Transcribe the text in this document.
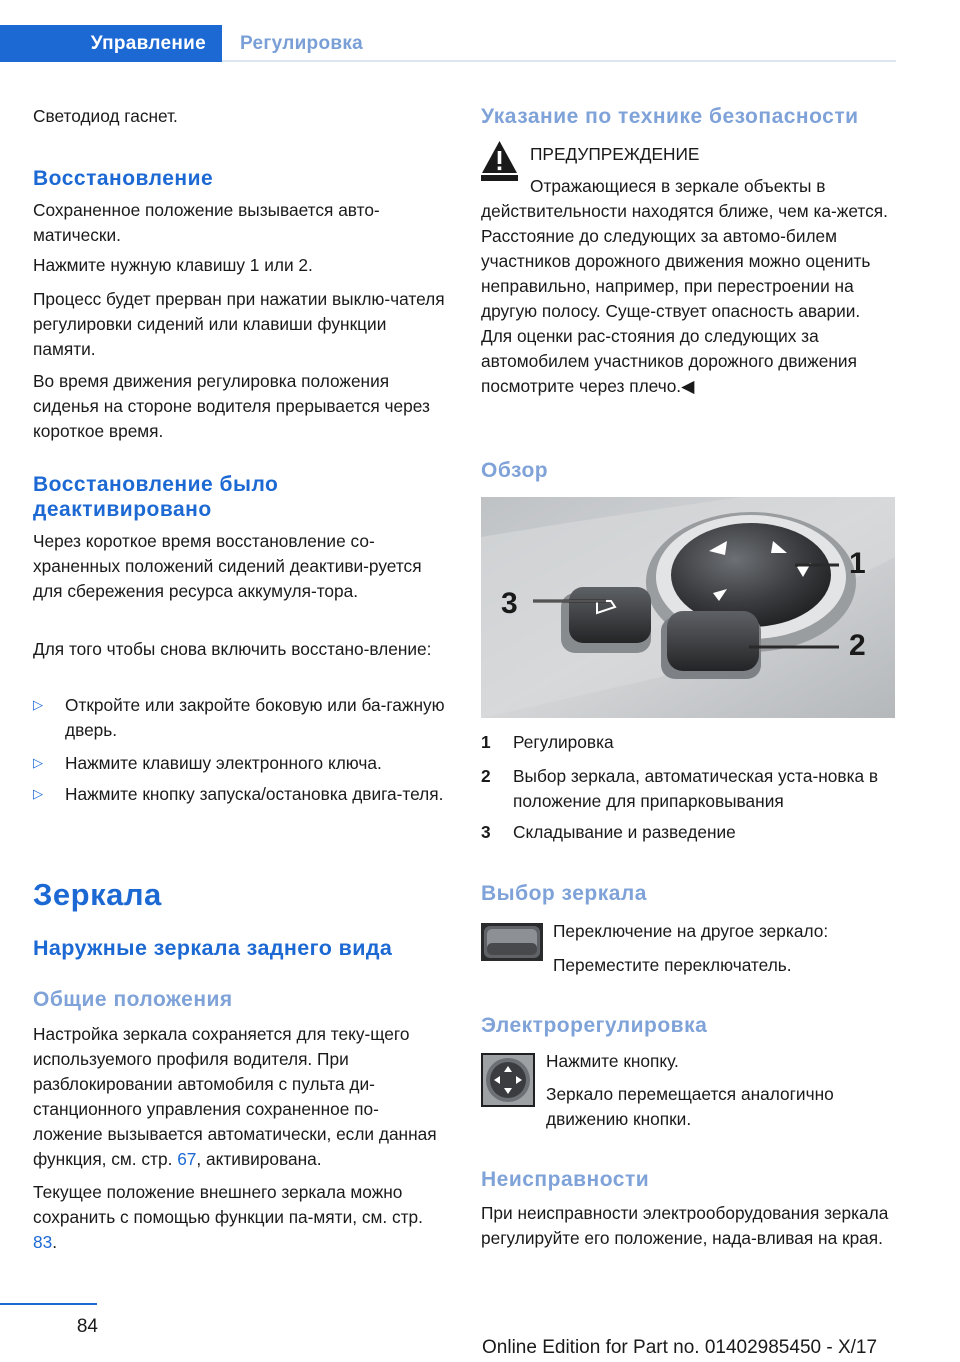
Управление	Регулировка

Светодиод гаснет.

Восстановление

Сохраненное положение вызывается авто-матически.

Нажмите нужную клавишу 1 или 2.

Процесс будет прерван при нажатии выклю-чателя регулировки сидений или клавиши функции памяти.

Во время движения регулировка положения сиденья на стороне водителя прерывается через короткое время.

Восстановление было деактивировано

Через короткое время восстановление со-храненных положений сидений деактиви-руется для сбережения ресурса аккумуля-тора.

Для того чтобы снова включить восстано-вление:

▷ Откройте или закройте боковую или ба-гажную дверь.
▷ Нажмите клавишу электронного ключа.
▷ Нажмите кнопку запуска/остановка двига-теля.
Зеркала
Наружные зеркала заднего вида
Общие положения

Настройка зеркала сохраняется для теку-щего используемого профиля водителя. При разблокировании автомобиля с пульта ди-станционного управления сохраненное по-ложение вызывается автоматически, если данная функция, см. стр. 67, активирована.

Текущее положение внешнего зеркала можно сохранить с помощью функции па-мяти, см. стр. 83.

Указание по технике безопасности
ПРЕДУПРЕЖДЕНИЕ

Отражающиеся в зеркале объекты в действительности находятся ближе, чем ка-жется. Расстояние до следующих за автомо-билем участников дорожного движения можно оценить неправильно, например, при перестроении на другую полосу. Суще-ствует опасность аварии. Для оценки рас-стояния до следующих за автомобилем участников дорожного движения посмотрите через плечо.◀

Обзор
3
1
2
1 Регулировка
2 Выбор зеркала, автоматическая уста-новка в положение для припарковывания
3 Складывание и разведение
Выбор зеркала
Переключение на другое зеркало:
Переместите переключатель.
Электрорегулировка
Нажмите кнопку.
Зеркало перемещается аналогично движению кнопки.
Неисправности

При неисправности электрооборудования зеркала регулируйте его положение, нада-вливая на края.

84
Online Edition for Part no. 01402985450 - X/17
